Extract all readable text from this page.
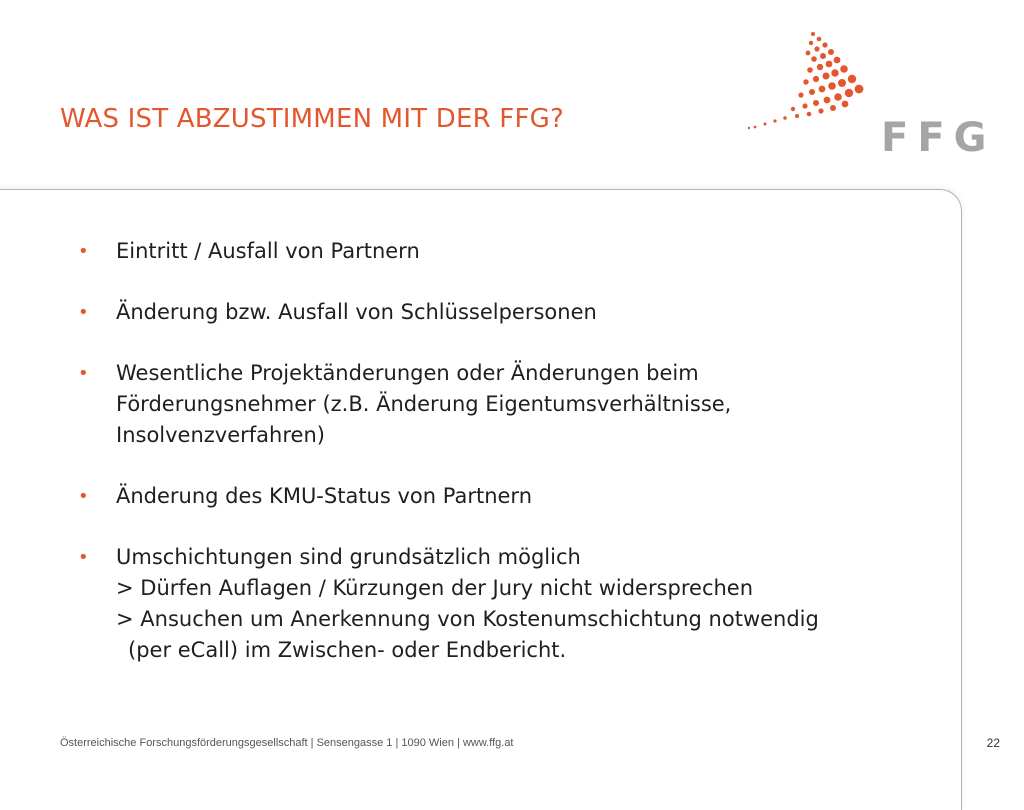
WAS IST ABZUSTIMMEN MIT DER FFG?	FFG
• Eintritt / Ausfall von Partnern
• Änderung bzw. Ausfall von Schlüsselpersonen
• Wesentliche Projektänderungen oder Änderungen beim
Förderungsnehmer (z.B. Änderung Eigentumsverhältnisse,
Insolvenzverfahren)
• Änderung des KMU-Status von Partnern
• Umschichtungen sind grundsätzlich möglich
> Dürfen Auflagen / Kürzungen der Jury nicht widersprechen
> Ansuchen um Anerkennung von Kostenumschichtung notwendig
(per eCall) im Zwischen- oder Endbericht.
Österreichische Forschungsförderungsgesellschaft | Sensengasse 1 | 1090 Wien | www.ffg.at	22
